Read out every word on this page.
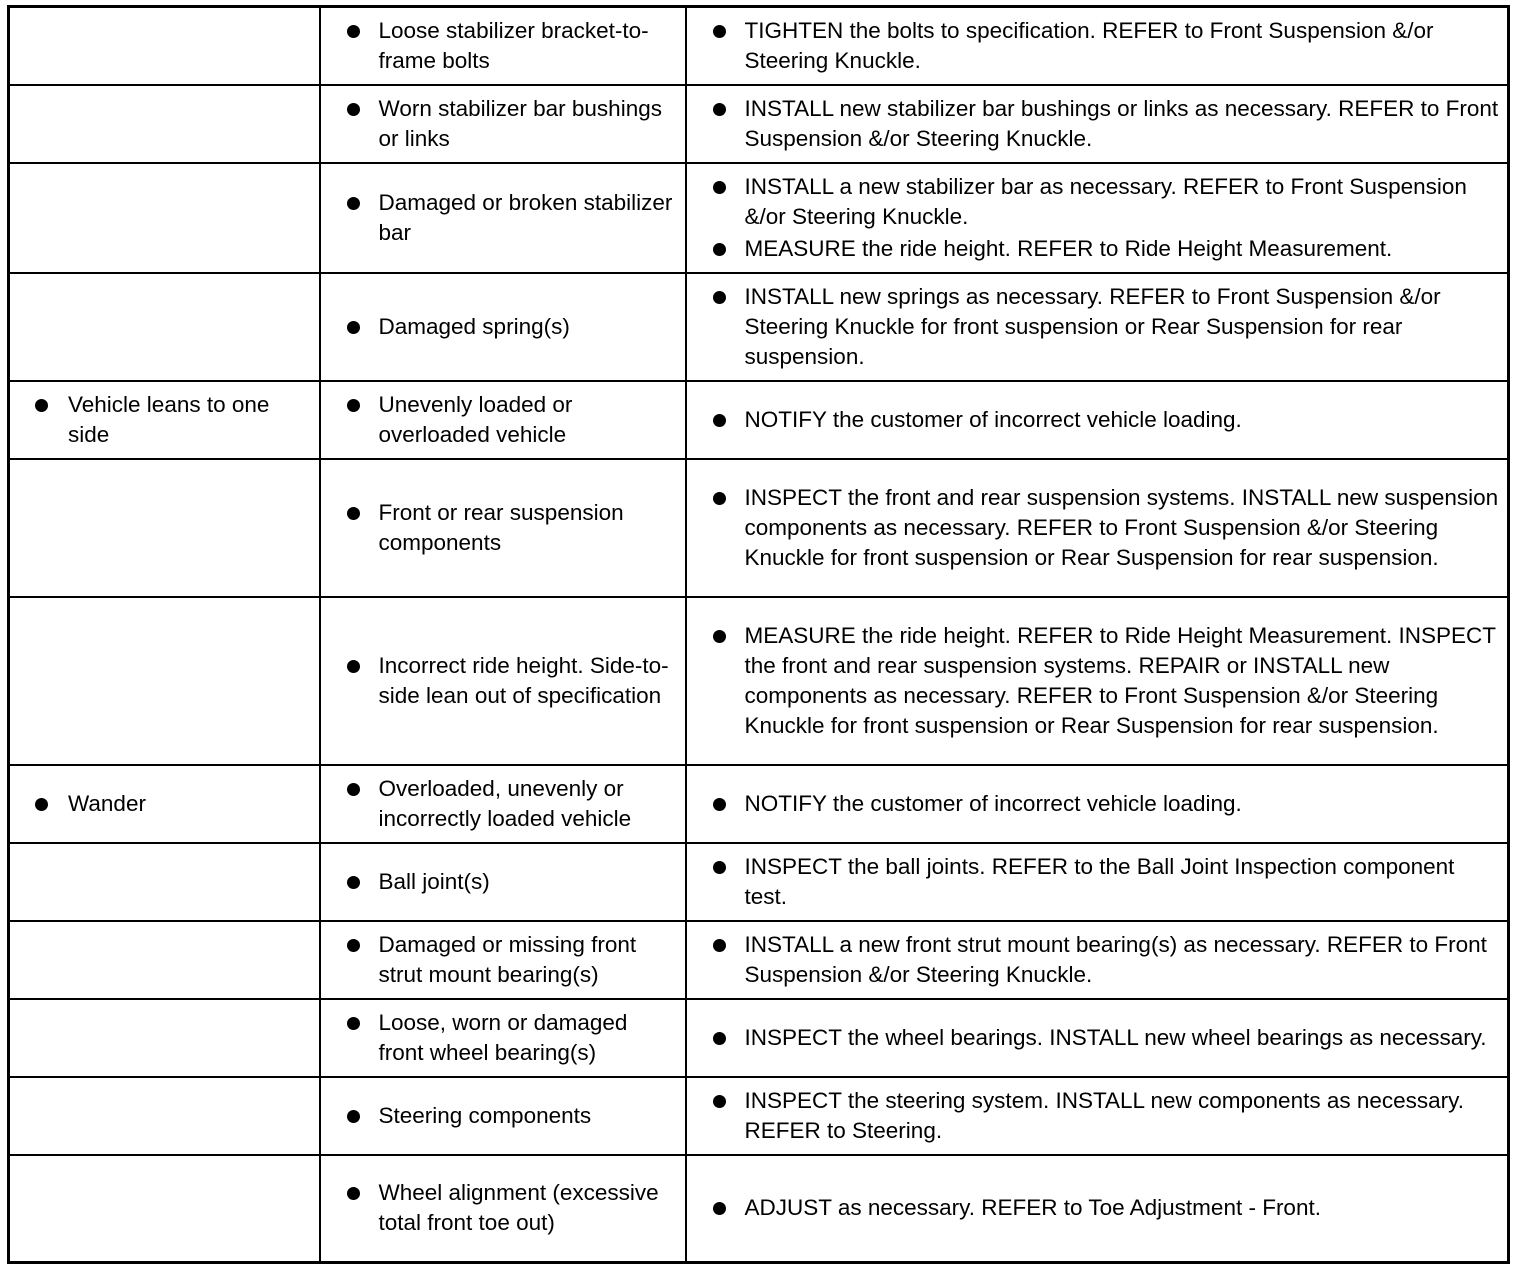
	Loose stabilizer bracket-to-frame bolts	TIGHTEN the bolts to specification. REFER to Front Suspension &/or Steering Knuckle.

	Worn stabilizer bar bushings or links	INSTALL new stabilizer bar bushings or links as necessary. REFER to Front Suspension &/or Steering Knuckle.

	Damaged or broken stabilizer bar	INSTALL a new stabilizer bar as necessary. REFER to Front Suspension &/or Steering Knuckle.
MEASURE the ride height. REFER to Ride Height Measurement.

	Damaged spring(s)	INSTALL new springs as necessary. REFER to Front Suspension &/or Steering Knuckle for front suspension or Rear Suspension for rear suspension.

Vehicle leans to one side	Unevenly loaded or overloaded vehicle	NOTIFY the customer of incorrect vehicle loading.

	Front or rear suspension components	INSPECT the front and rear suspension systems. INSTALL new suspension components as necessary. REFER to Front Suspension &/or Steering Knuckle for front suspension or Rear Suspension for rear suspension.

	Incorrect ride height. Side-to-side lean out of specification	MEASURE the ride height. REFER to Ride Height Measurement. INSPECT the front and rear suspension systems. REPAIR or INSTALL new components as necessary. REFER to Front Suspension &/or Steering Knuckle for front suspension or Rear Suspension for rear suspension.

Wander	Overloaded, unevenly or incorrectly loaded vehicle	NOTIFY the customer of incorrect vehicle loading.

	Ball joint(s)	INSPECT the ball joints. REFER to the Ball Joint Inspection component test.

	Damaged or missing front strut mount bearing(s)	INSTALL a new front strut mount bearing(s) as necessary. REFER to Front Suspension &/or Steering Knuckle.

	Loose, worn or damaged front wheel bearing(s)	INSPECT the wheel bearings. INSTALL new wheel bearings as necessary.

	Steering components	INSPECT the steering system. INSTALL new components as necessary. REFER to Steering.

	Wheel alignment (excessive total front toe out)	ADJUST as necessary. REFER to Toe Adjustment - Front.
